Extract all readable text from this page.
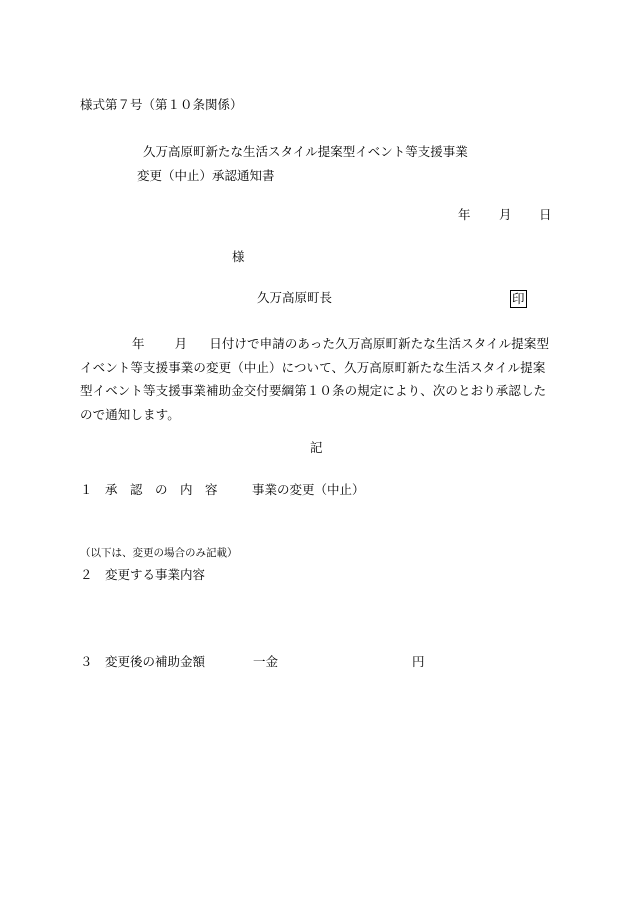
様式第７号（第１０条関係）
久万高原町新たな生活スタイル提案型イベント等支援事業
変更（中止）承認通知書
年 月 日
様
久万高原町長	印
年 月 日付けで申請のあった久万高原町新たな生活スタイル提案型イベント等支援事業の変更（中止）について、久万高原町新たな生活スタイル提案型イベント等支援事業補助金交付要綱第１０条の規定により、次のとおり承認したので通知します。
記
１ 承　認　の　内　容	事業の変更（中止）
（以下は、変更の場合のみ記載）
２ 変更する事業内容
３ 変更後の補助金額	一金	円
